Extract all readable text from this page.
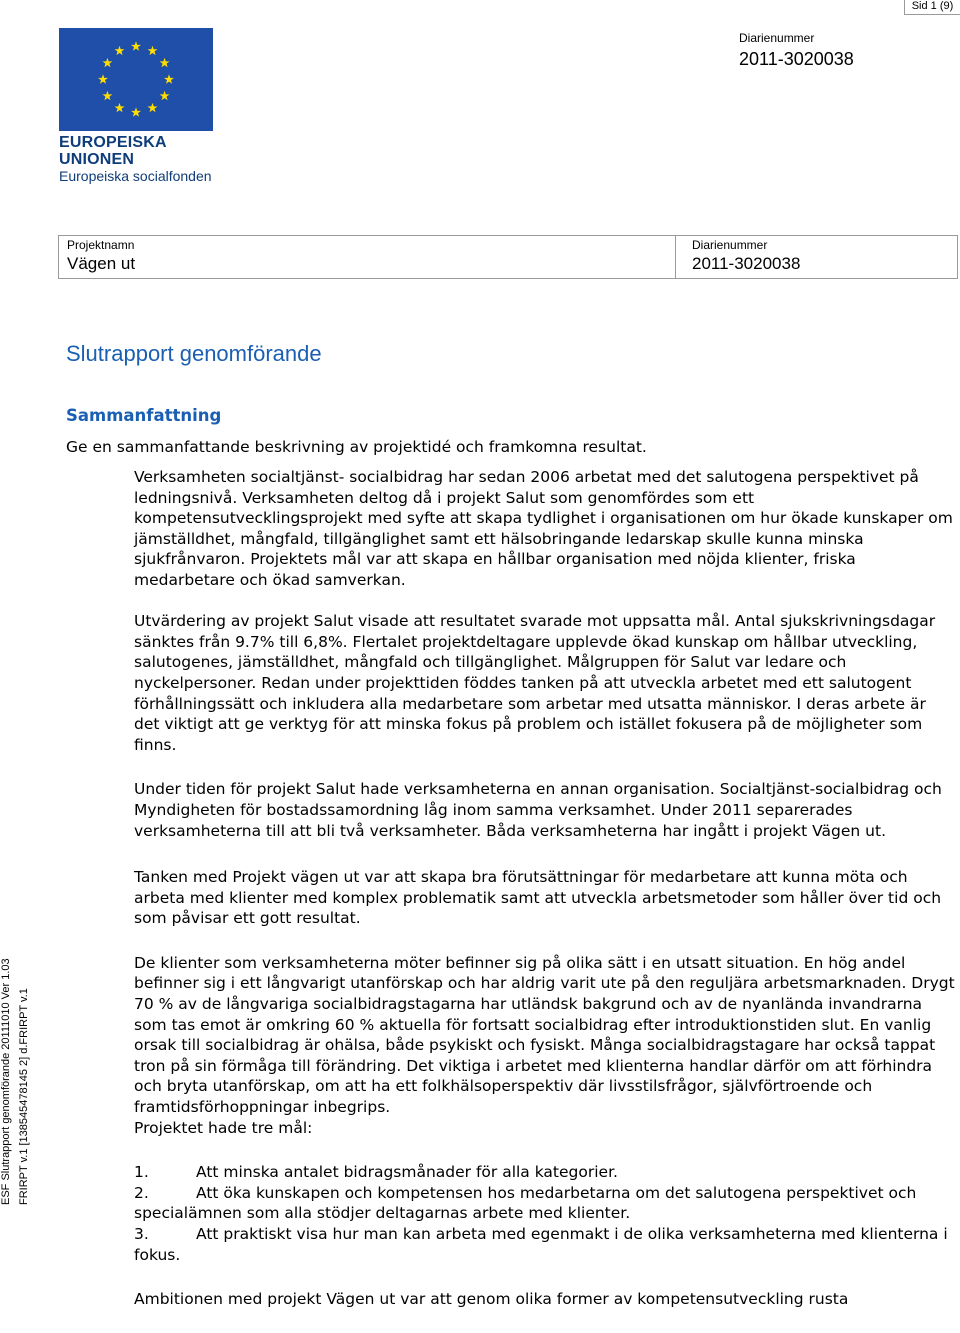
Sid 1 (9)
EUROPEISKA UNIONEN
Europeiska socialfonden
Diarienummer
2011-3020038
Projektnamn
Vägen ut
Diarienummer
2011-3020038
Slutrapport genomförande
Sammanfattning
Ge en sammanfattande beskrivning av projektidé och framkomna resultat.

Verksamheten socialtjänst- socialbidrag har sedan 2006 arbetat med det salutogena perspektivet på ledningsnivå. Verksamheten deltog då i projekt Salut som genomfördes som ett kompetensutvecklingsprojekt med syfte att skapa tydlighet i organisationen om hur ökade kunskaper om jämställdhet, mångfald, tillgänglighet samt ett hälsobringande ledarskap skulle kunna minska sjukfrånvaron. Projektets mål var att skapa en hållbar organisation med nöjda klienter, friska medarbetare och ökad samverkan.

Utvärdering av projekt Salut visade att resultatet svarade mot uppsatta mål. Antal sjukskrivningsdagar sänktes från 9.7% till 6,8%. Flertalet projektdeltagare upplevde ökad kunskap om hållbar utveckling, salutogenes, jämställdhet, mångfald och tillgänglighet. Målgruppen för Salut var ledare och nyckelpersoner. Redan under projekttiden föddes tanken på att utveckla arbetet med ett salutogent förhållningssätt och inkludera alla medarbetare som arbetar med utsatta människor. I deras arbete är det viktigt att ge verktyg för att minska fokus på problem och istället fokusera på de möjligheter som finns.

Under tiden för projekt Salut hade verksamheterna en annan organisation. Socialtjänst-socialbidrag och Myndigheten för bostadssamordning låg inom samma verksamhet. Under 2011 separerades verksamheterna till att bli två verksamheter. Båda verksamheterna har ingått i projekt Vägen ut.

Tanken med Projekt vägen ut var att skapa bra förutsättningar för medarbetare att kunna möta och arbeta med klienter med komplex problematik samt att utveckla arbetsmetoder som håller över tid och som påvisar ett gott resultat.

De klienter som verksamheterna möter befinner sig på olika sätt i en utsatt situation. En hög andel befinner sig i ett långvarigt utanförskap och har aldrig varit ute på den reguljära arbetsmarknaden. Drygt 70 % av de långvariga socialbidragstagarna har utländsk bakgrund och av de nyanlända invandrarna som tas emot är omkring 60 % aktuella för fortsatt socialbidrag efter introduktionstiden slut. En vanlig orsak till socialbidrag är ohälsa, både psykiskt och fysiskt. Många socialbidragstagare har också tappat tron på sin förmåga till förändring. Det viktiga i arbetet med klienterna handlar därför om att förhindra och bryta utanförskap, om att ha ett folkhälsoperspektiv där livsstilsfrågor, självförtroende och framtidsförhoppningar inbegrips.

Projektet hade tre mål:

1.	Att minska antalet bidragsmånader för alla kategorier.

2.	Att öka kunskapen och kompetensen hos medarbetarna om det salutogena perspektivet och specialämnen som alla stödjer deltagarnas arbete med klienter.

3.	Att praktiskt visa hur man kan arbeta med egenmakt i de olika verksamheterna med klienterna i fokus.

Ambitionen med projekt Vägen ut var att genom olika former av kompetensutveckling rusta

ESF Slutrapport genomförande 20111010 Ver 1.03 FRIRPT v.1 [138545478145 2] d.FRIRPT v.1
